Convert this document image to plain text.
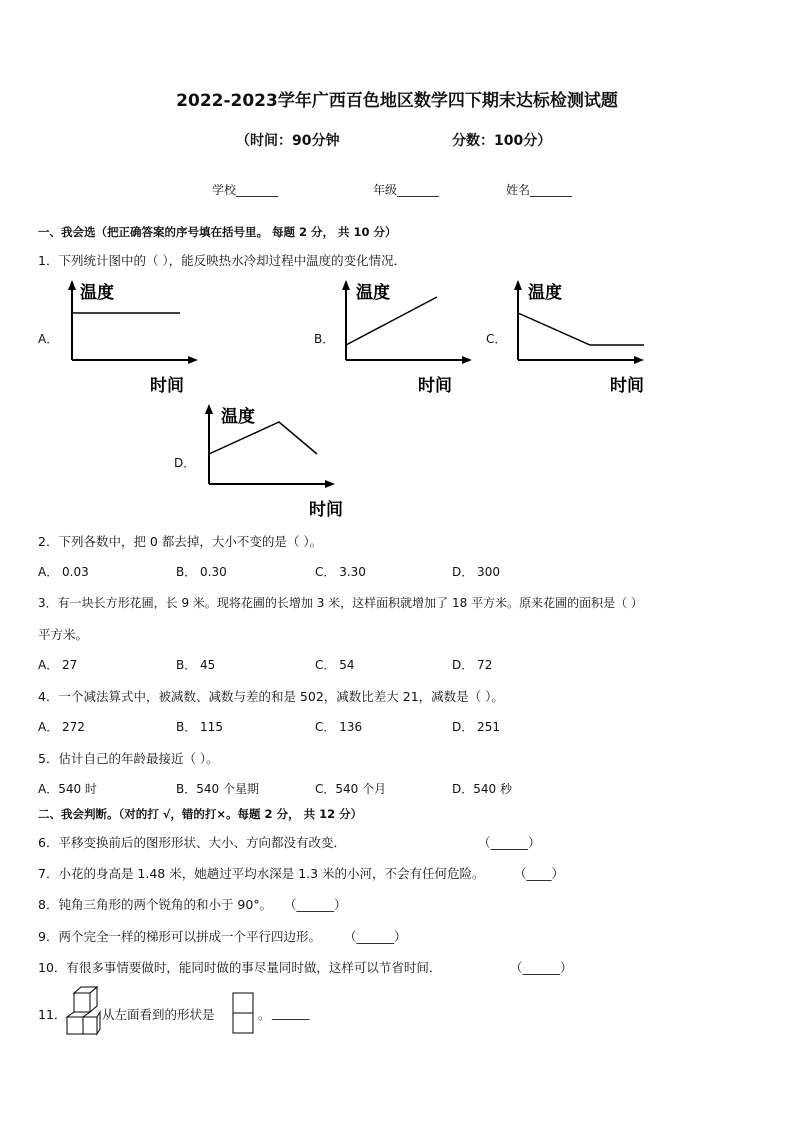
2022-2023学年广西百色地区数学四下期末达标检测试题
（时间：90分钟	分数：100分）
学校_______	年级_______	姓名_______
一、我会选（把正确答案的序号填在括号里。 每题 2 分， 共 10 分）
1．下列统计图中的（ ），能反映热水冷却过程中温度的变化情况．
A．
温度
时间
B．
温度
时间
C．
温度
时间
D．
温度
时间
2．下列各数中，把 0 都去掉，大小不变的是（ ）。
A． 0.03	B． 0.30	C． 3.30	D． 300
3．有一块长方形花圃，长 9 米。现将花圃的长增加 3 米，这样面积就增加了 18 平方米。原来花圃的面积是（ ）
平方米。
A． 27	B． 45	C． 54	D． 72
4．一个减法算式中，被减数、减数与差的和是 502，减数比差大 21，减数是（ ）。
A． 272	B． 115	C． 136	D． 251
5．估计自己的年龄最接近（ ）。
A．540 时	B．540 个星期	C．540 个月	D．540 秒
二、我会判断。（对的打 √，错的打×。每题 2 分， 共 12 分）
6．平移变换前后的图形形状、大小、方向都没有改变．	（______）
7．小花的身高是 1.48 米，她趟过平均水深是 1.3 米的小河，不会有任何危险。 （____）
8．钝角三角形的两个锐角的和小于 90°。 （______）
9．两个完全一样的梯形可以拼成一个平行四边形。 （______）
10．有很多事情要做时，能同时做的事尽量同时做，这样可以节省时间．	（______）
11．	从左面看到的形状是	。 ______
